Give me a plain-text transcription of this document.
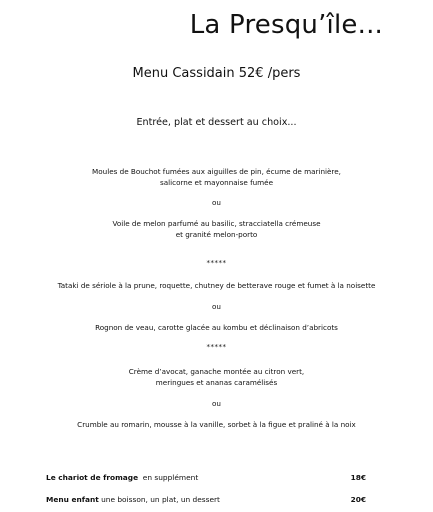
La Presqu’île...
Menu Cassidain 52€ /pers
Entrée, plat et dessert au choix...
Moules de Bouchot fumées aux aiguilles de pin, écume de marinière,
salicorne et mayonnaise fumée
ou
Voile de melon parfumé au basilic, stracciatella crémeuse
et granité melon-porto
*****
Tataki de sériole à la prune, roquette, chutney de betterave rouge et fumet à la noisette
ou
Rognon de veau, carotte glacée au kombu et déclinaison d’abricots
*****
Crème d’avocat, ganache montée au citron vert,
meringues et ananas caramélisés
ou
Crumble au romarin, mousse à la vanille, sorbet à la figue et praliné à la noix
Le chariot de fromage en supplément	18€
Menu enfant une boisson, un plat, un dessert	20€
